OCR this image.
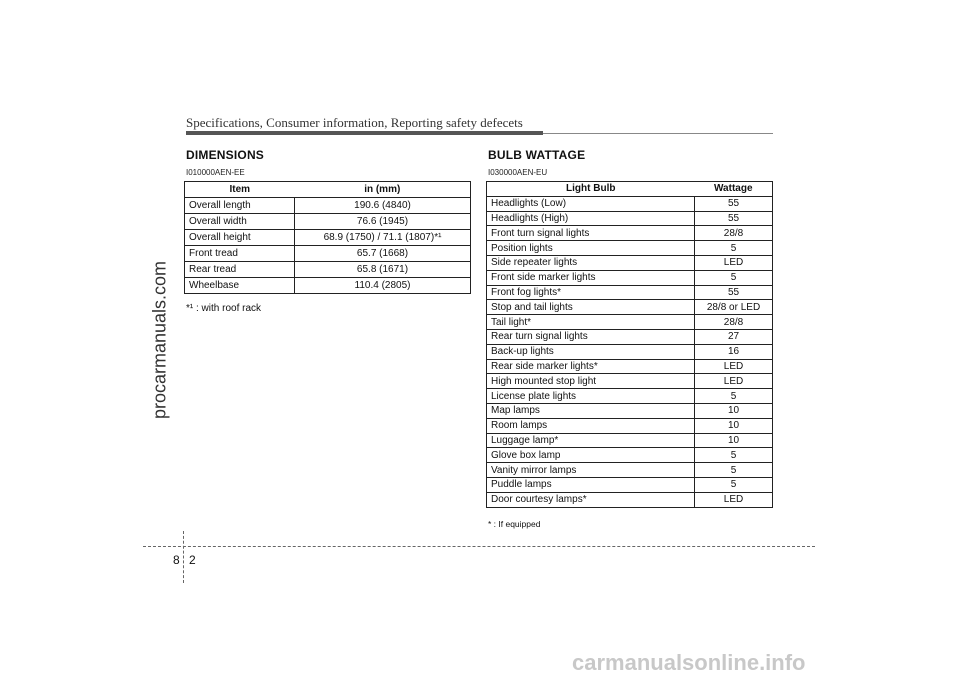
Specifications, Consumer information, Reporting safety defecets
procarmanuals.com
DIMENSIONS
I010000AEN-EE
Item	in (mm)
Overall length	190.6 (4840)
Overall width	76.6 (1945)
Overall height	68.9 (1750) / 71.1 (1807)*¹
Front tread	65.7 (1668)
Rear tread	65.8 (1671)
Wheelbase	110.4 (2805)
*¹ : with roof rack
BULB WATTAGE
I030000AEN-EU
Light Bulb	Wattage
Headlights (Low)	55
Headlights (High)	55
Front turn signal lights	28/8
Position lights	5
Side repeater lights	LED
Front side marker lights	5
Front fog lights*	55
Stop and tail lights	28/8 or LED
Tail light*	28/8
Rear turn signal lights	27
Back-up lights	16
Rear side marker lights*	LED
High mounted stop light	LED
License plate lights	5
Map lamps	10
Room lamps	10
Luggage lamp*	10
Glove box lamp	5
Vanity mirror lamps	5
Puddle lamps	5
Door courtesy lamps*	LED
* : If equipped
8 2
carmanualsonline.info
